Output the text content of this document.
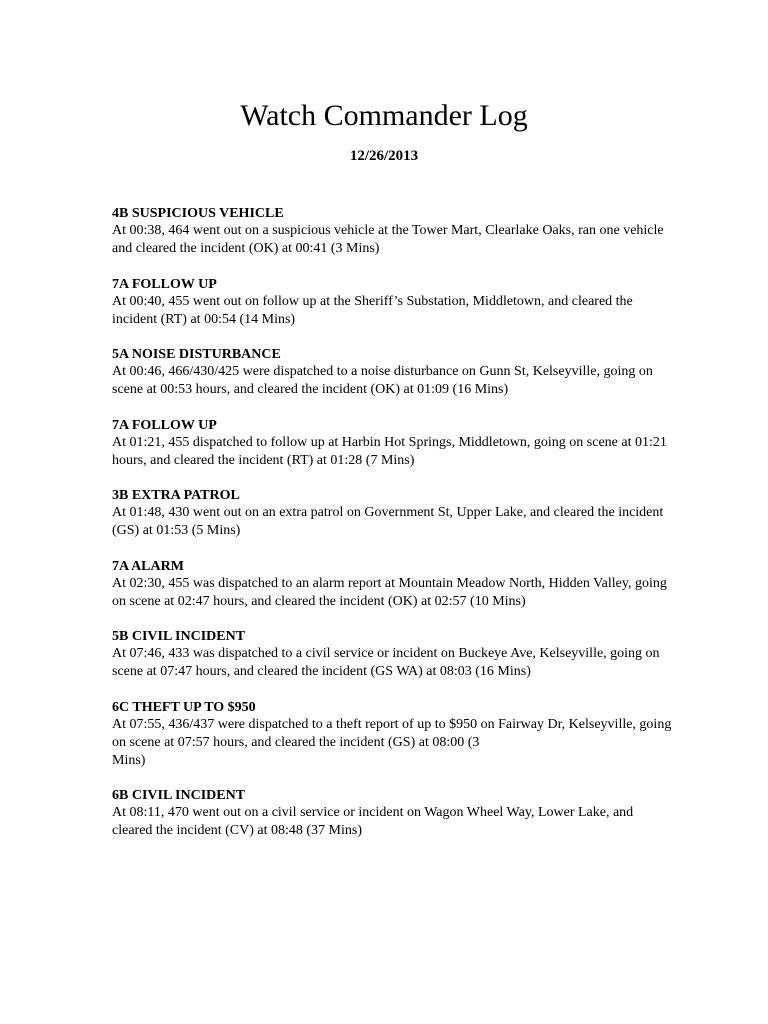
Watch Commander Log
12/26/2013
4B SUSPICIOUS VEHICLE
At 00:38, 464 went out on a suspicious vehicle at the Tower Mart, Clearlake Oaks, ran one vehicle and cleared the incident (OK) at 00:41 (3 Mins)
7A FOLLOW UP
At 00:40, 455 went out on follow up at the Sheriff’s Substation, Middletown, and cleared the incident (RT) at 00:54 (14 Mins)
5A NOISE DISTURBANCE
At 00:46, 466/430/425 were dispatched to a noise disturbance on Gunn St, Kelseyville, going on scene at 00:53 hours, and cleared the incident (OK) at 01:09 (16 Mins)
7A FOLLOW UP
At 01:21, 455 dispatched to follow up at Harbin Hot Springs, Middletown, going on scene at 01:21 hours, and cleared the incident (RT) at 01:28 (7 Mins)
3B EXTRA PATROL
At 01:48, 430 went out on an extra patrol on Government St, Upper Lake, and cleared the incident (GS) at 01:53 (5 Mins)
7A ALARM
At 02:30, 455 was dispatched to an alarm report at Mountain Meadow North, Hidden Valley, going on scene at 02:47 hours, and cleared the incident (OK) at 02:57 (10 Mins)
5B CIVIL INCIDENT
At 07:46, 433 was dispatched to a civil service or incident on Buckeye Ave, Kelseyville, going on scene at 07:47 hours, and cleared the incident (GS WA) at 08:03 (16 Mins)
6C THEFT UP TO $950
At 07:55, 436/437 were dispatched to a theft report of up to $950 on Fairway Dr, Kelseyville, going on scene at 07:57 hours, and cleared the incident (GS) at 08:00 (3
Mins)
6B CIVIL INCIDENT
At 08:11, 470 went out on a civil service or incident on Wagon Wheel Way, Lower Lake, and cleared the incident (CV) at 08:48 (37 Mins)
